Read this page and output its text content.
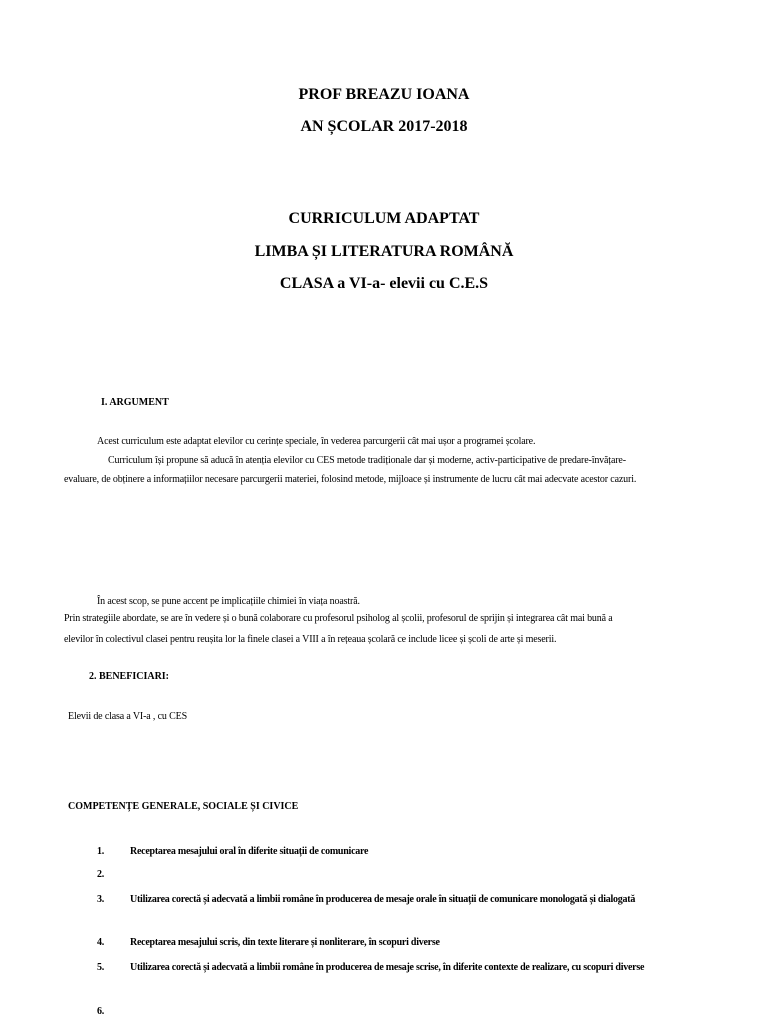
PROF BREAZU IOANA
AN ȘCOLAR 2017-2018
CURRICULUM ADAPTAT
LIMBA ȘI LITERATURA ROMÂNĂ
CLASA a VI-a- elevii cu C.E.S
I. ARGUMENT
Acest curriculum este adaptat elevilor cu cerințe speciale, în vederea parcurgerii cât mai ușor a programei școlare.
Curriculum își propune să aducă în atenția elevilor cu CES metode tradiționale dar și moderne, activ-participative de predare-învățare-
evaluare, de obținere a informațiilor necesare parcurgerii materiei, folosind metode, mijloace și instrumente de lucru cât mai adecvate acestor cazuri.
În acest scop, se pune accent pe implicațiile chimiei în viața noastră.
Prin strategiile abordate, se are în vedere și o bună colaborare cu profesorul psiholog al școlii, profesorul de sprijin și integrarea cât mai bună a
elevilor în colectivul clasei pentru reușita lor la finele clasei a VIII a în rețeaua școlară ce include licee și școli de arte și meserii.
2. BENEFICIARI:
Elevii de clasa a VI-a , cu CES
COMPETENȚE GENERALE, SOCIALE ȘI CIVICE
1.	Receptarea mesajului oral în diferite situații de comunicare
2.
3.	Utilizarea corectă și adecvată a limbii române în producerea de mesaje orale în situații de comunicare monologată și dialogată
4.	Receptarea mesajului scris, din texte literare și nonliterare, în scopuri diverse
5.	Utilizarea corectă și adecvată a limbii române în producerea de mesaje scrise, în diferite contexte de realizare, cu scopuri diverse
6.
